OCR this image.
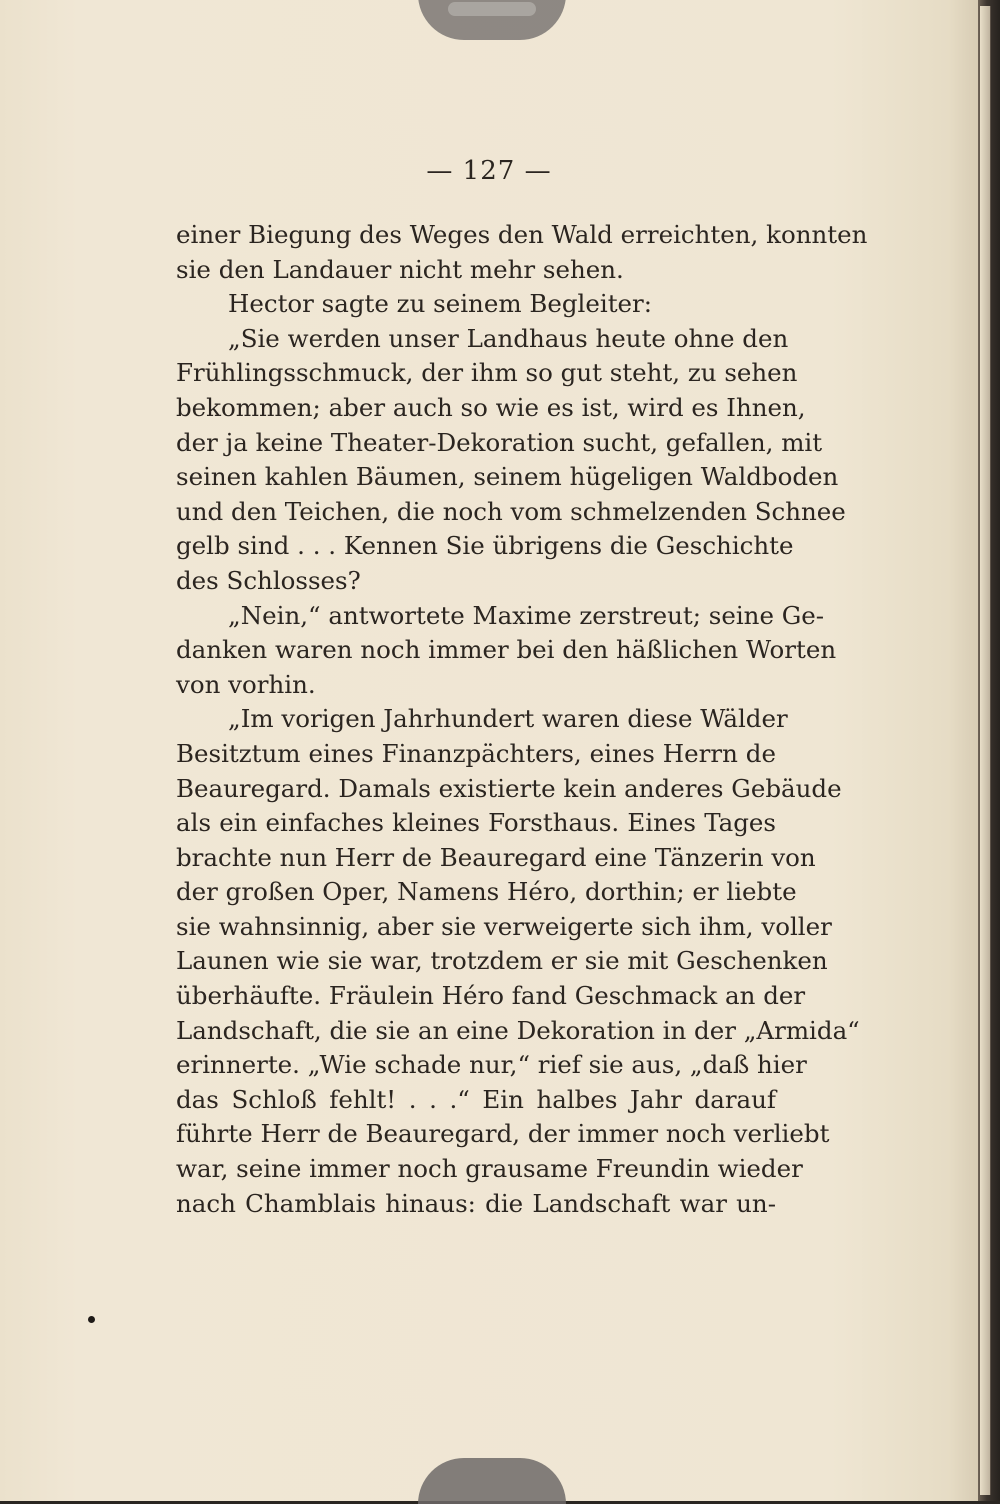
— 127 —
einer Biegung des Weges den Wald erreichten, konnten
sie den Landauer nicht mehr sehen.
Hector sagte zu seinem Begleiter:
„Sie werden unser Landhaus heute ohne den
Frühlingsschmuck, der ihm so gut steht, zu sehen
bekommen; aber auch so wie es ist, wird es Ihnen,
der ja keine Theater-Dekoration sucht, gefallen, mit
seinen kahlen Bäumen, seinem hügeligen Waldboden
und den Teichen, die noch vom schmelzenden Schnee
gelb sind . . . Kennen Sie übrigens die Geschichte
des Schlosses?
„Nein,“ antwortete Maxime zerstreut; seine Ge-
danken waren noch immer bei den häßlichen Worten
von vorhin.
„Im vorigen Jahrhundert waren diese Wälder
Besitztum eines Finanzpächters, eines Herrn de
Beauregard. Damals existierte kein anderes Gebäude
als ein einfaches kleines Forsthaus. Eines Tages
brachte nun Herr de Beauregard eine Tänzerin von
der großen Oper, Namens Héro, dorthin; er liebte
sie wahnsinnig, aber sie verweigerte sich ihm, voller
Launen wie sie war, trotzdem er sie mit Geschenken
überhäufte. Fräulein Héro fand Geschmack an der
Landschaft, die sie an eine Dekoration in der „Armida“
erinnerte. „Wie schade nur,“ rief sie aus, „daß hier
das Schloß fehlt! . . .“ Ein halbes Jahr darauf
führte Herr de Beauregard, der immer noch verliebt
war, seine immer noch grausame Freundin wieder
nach Chamblais hinaus: die Landschaft war un-
